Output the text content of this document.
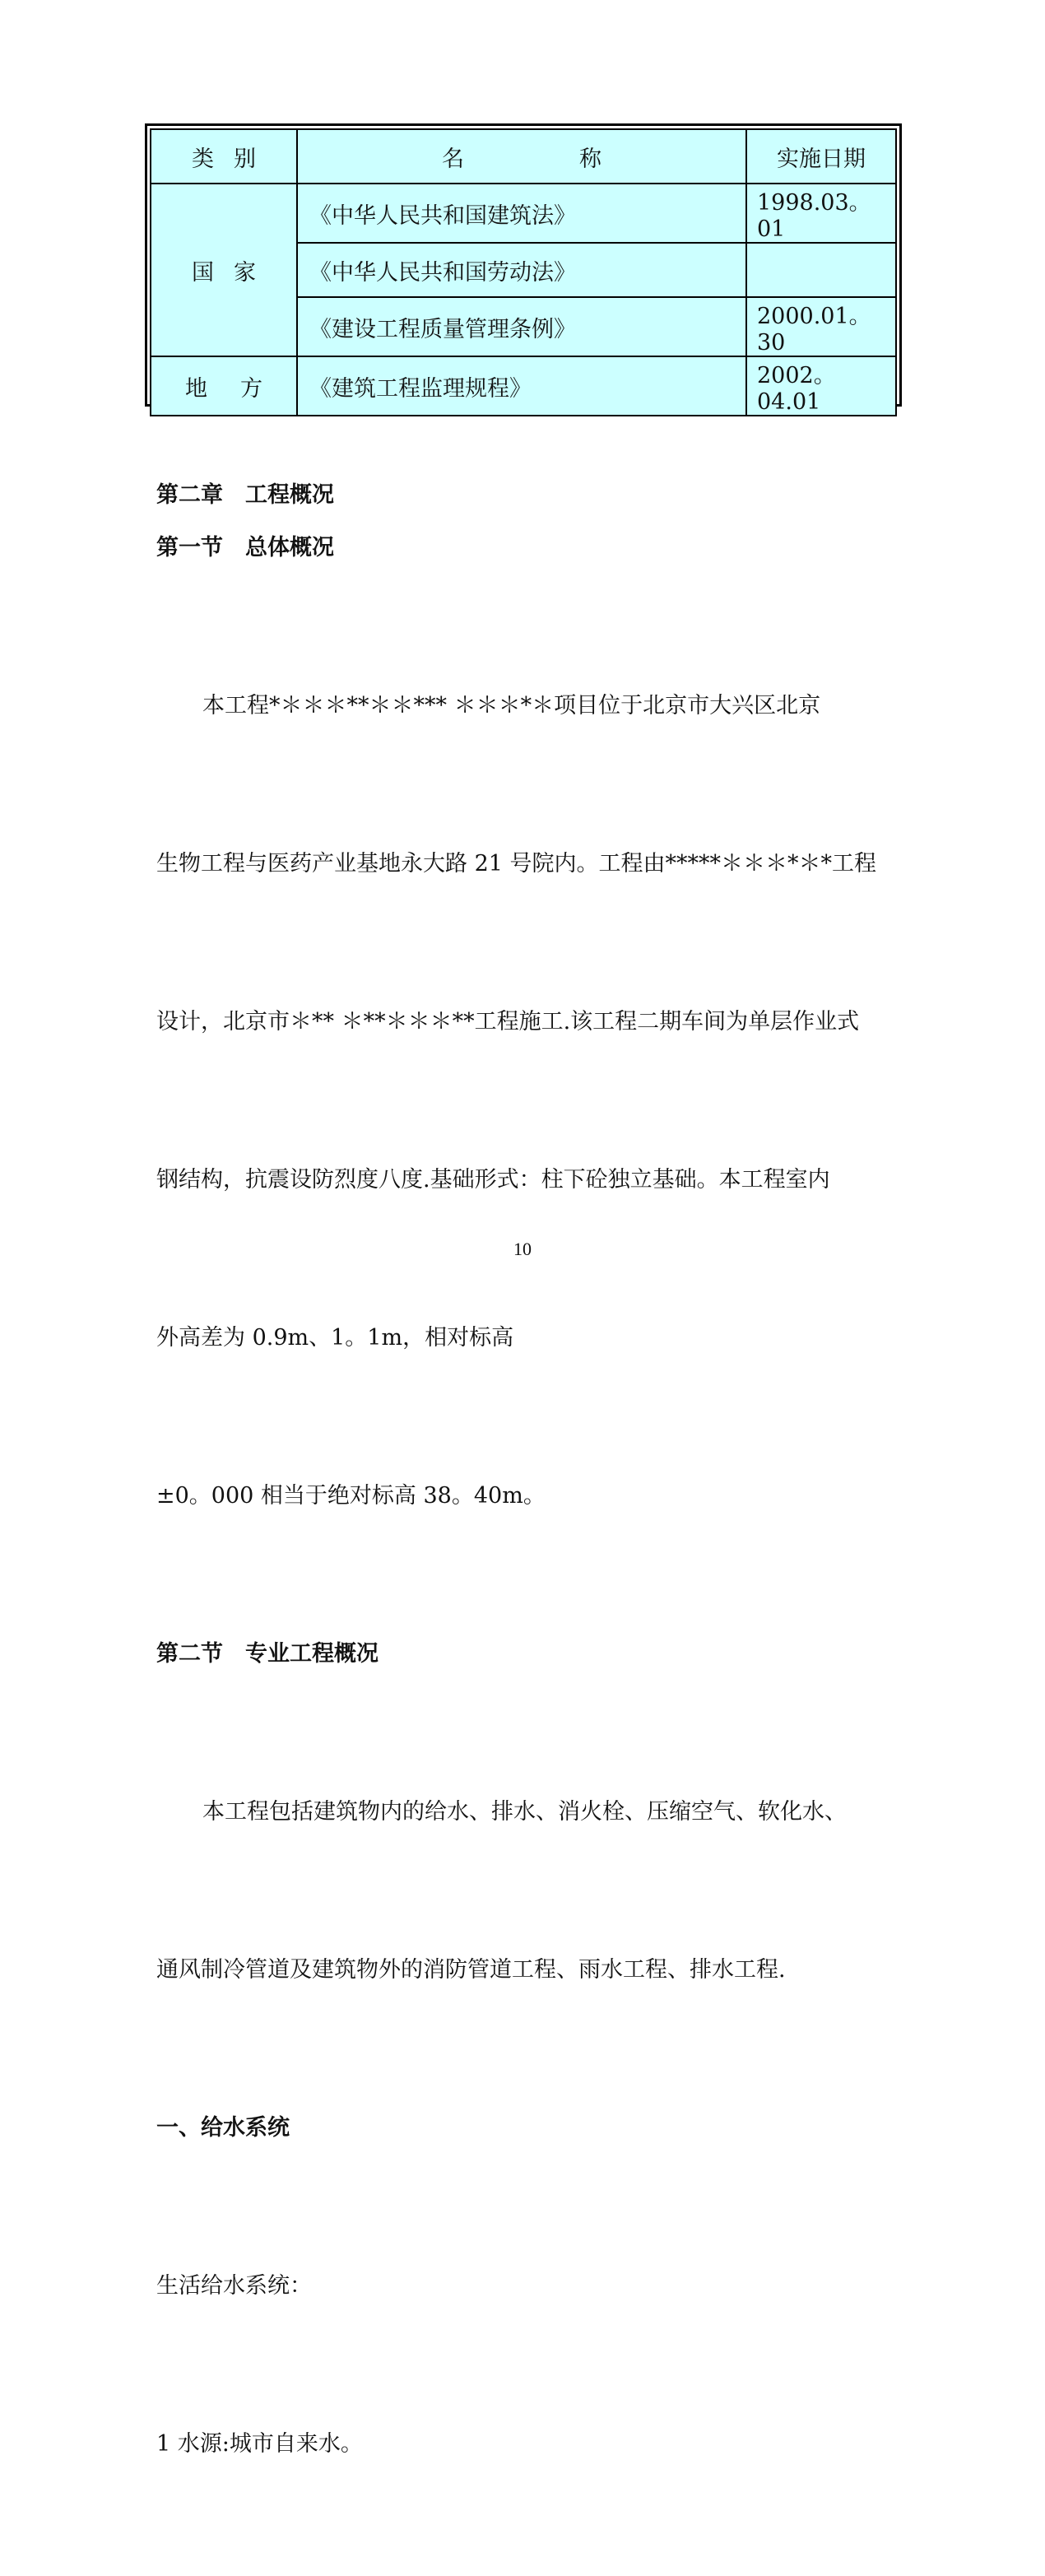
类别	名称	实施日期
国家	《中华人民共和国建筑法》	1998.03。01
	《中华人民共和国劳动法》	
	《建设工程质量管理条例》	2000.01。30
地方	《建筑工程监理规程》	2002。04.01
第二章　工程概况
第一节　总体概况

本工程*＊＊＊**＊＊*** ＊＊＊*＊项目位于北京市大兴区北京

生物工程与医药产业基地永大路 21 号院内。工程由*****＊＊＊*＊*工程

设计，北京市＊** ＊**＊＊＊**工程施工.该工程二期车间为单层作业式

钢结构，抗震设防烈度八度.基础形式：柱下砼独立基础。本工程室内

外高差为 0.9m、1。1m，相对标高

±0。000 相当于绝对标高 38。40m。

第二节　专业工程概况

本工程包括建筑物内的给水、排水、消火栓、压缩空气、软化水、

通风制冷管道及建筑物外的消防管道工程、雨水工程、排水工程.

一、给水系统

生活给水系统：

1 水源:城市自来水。

10
